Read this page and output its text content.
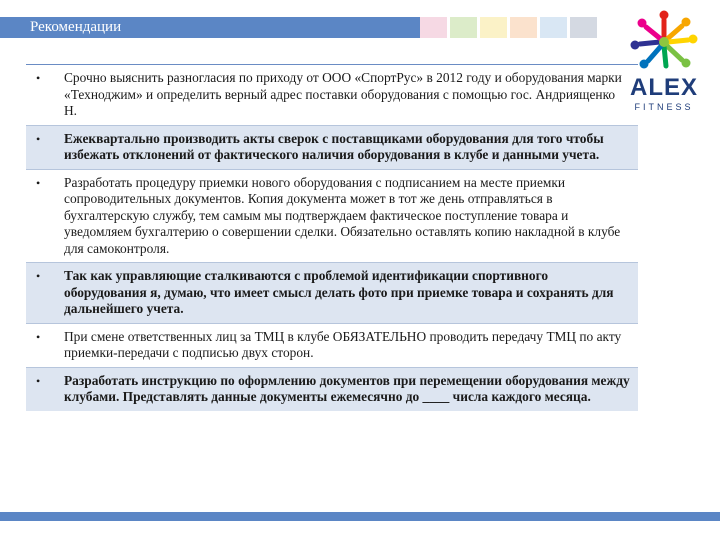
Рекомендации
ALEX
FITNESS
• Срочно выяснить разногласия по приходу от ООО «СпортРус» в 2012 году и оборудования марки «Техноджим» и определить верный адрес поставки оборудования с помощью гос. Андриященко Н.
• Ежеквартально производить акты сверок с поставщиками оборудования для того чтобы избежать отклонений от фактического наличия оборудования в клубе и данными учета.
• Разработать процедуру приемки нового оборудования с подписанием на месте приемки сопроводительных документов. Копия документа может в тот же день отправляться в бухгалтерскую службу, тем самым мы подтверждаем фактическое поступление товара и уведомляем бухгалтерию о совершении сделки. Обязательно оставлять копию накладной в клубе для самоконтроля.
• Так как управляющие сталкиваются с проблемой идентификации спортивного оборудования я, думаю, что имеет смысл делать фото при приемке товара и сохранять для дальнейшего учета.
• При смене ответственных лиц за ТМЦ в клубе ОБЯЗАТЕЛЬНО проводить передачу ТМЦ по акту приемки-передачи с подписью двух сторон.
• Разработать инструкцию по оформлению документов при перемещении оборудования между клубами. Представлять данные документы ежемесячно до ____ числа каждого месяца.
